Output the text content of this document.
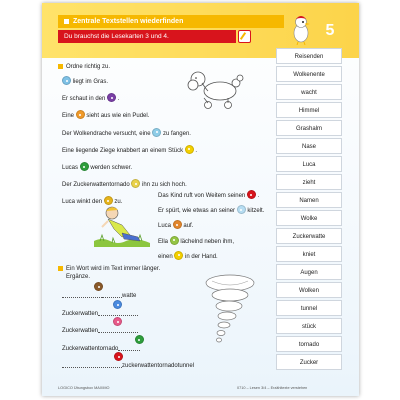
Zentrale Textstellen wiederfinden
Du brauchst die Lesekarten 3 und 4.	5
Ordne richtig zu.
liegt im Gras.
Er schaut in den .
Eine sieht aus wie ein Pudel.
Der Wolkendrache versucht, eine zu fangen.
Eine liegende Ziege knabbert an einem Stück .
Lucas werden schwer.
Der Zuckerwattentornado ihn zu sich hoch.
Luca winkt den zu.
Das Kind ruft von Weitem seinen .
Er spürt, wie etwas an seiner kitzelt.
Luca auf.
Ella lächelnd neben ihm,
einen in der Hand.
Ein Wort wird im Text immer länger.
Ergänze.
watte
Zuckerwatten
Zuckerwatten
Zuckerwattentornado
zuckerwattentornadotunnel
Reisenden
Wolkenente
wacht
Himmel
Grashalm
Nase
Luca
zieht
Namen
Wolke
Zuckerwatte
kniet
Augen
Wolken
tunnel
stück
tornado
Zucker
LOGICO Übungsbox MAXIMO	0710 – Lesen 3/4 – Erzähltexte verstehen
